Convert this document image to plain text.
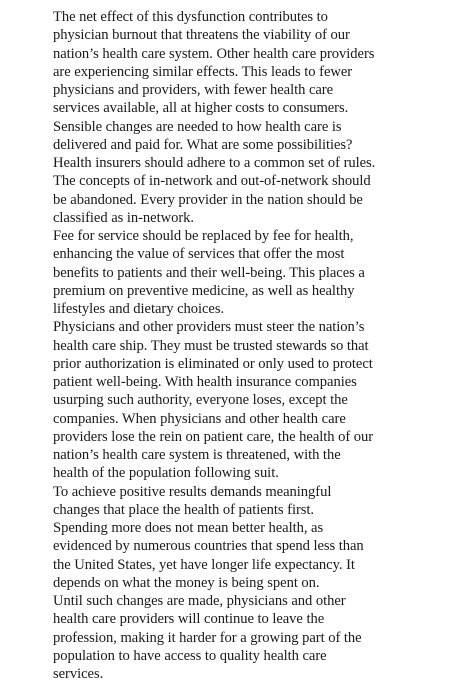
The net effect of this dysfunction contributes to
physician burnout that threatens the viability of our
nation’s health care system. Other health care providers
are experiencing similar effects. This leads to fewer
physicians and providers, with fewer health care
services available, all at higher costs to consumers.
Sensible changes are needed to how health care is
delivered and paid for. What are some possibilities?
Health insurers should adhere to a common set of rules.
The concepts of in-network and out-of-network should
be abandoned. Every provider in the nation should be
classified as in-network.
Fee for service should be replaced by fee for health,
enhancing the value of services that offer the most
benefits to patients and their well-being. This places a
premium on preventive medicine, as well as healthy
lifestyles and dietary choices.
Physicians and other providers must steer the nation’s
health care ship. They must be trusted stewards so that
prior authorization is eliminated or only used to protect
patient well-being. With health insurance companies
usurping such authority, everyone loses, except the
companies. When physicians and other health care
providers lose the rein on patient care, the health of our
nation’s health care system is threatened, with the
health of the population following suit.
To achieve positive results demands meaningful
changes that place the health of patients first.
Spending more does not mean better health, as
evidenced by numerous countries that spend less than
the United States, yet have longer life expectancy. It
depends on what the money is being spent on.
Until such changes are made, physicians and other
health care providers will continue to leave the
profession, making it harder for a growing part of the
population to have access to quality health care
services.
